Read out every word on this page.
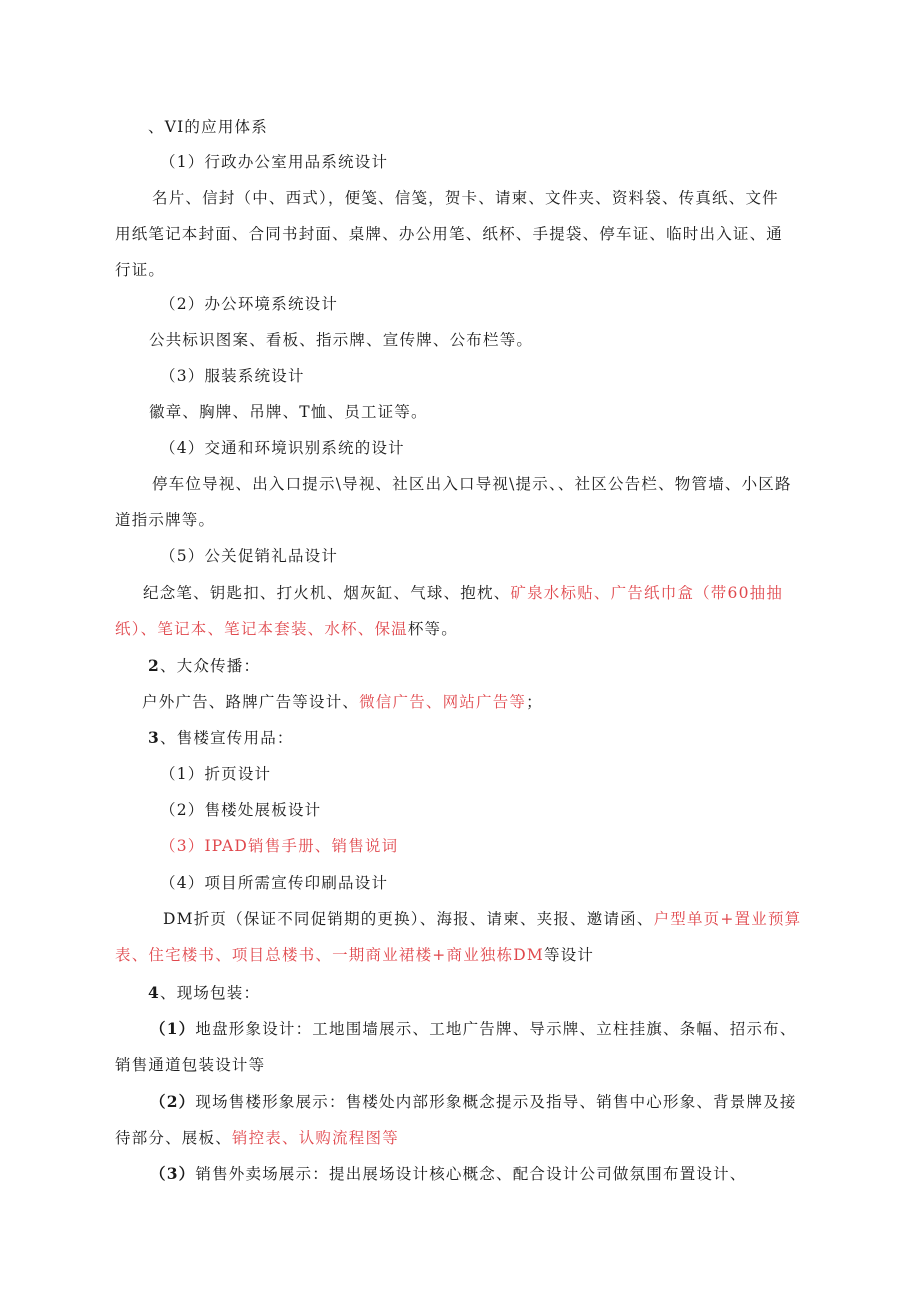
、VI的应用体系
（1）行政办公室用品系统设计
名片、信封（中、西式），便笺、信笺，贺卡、请柬、文件夹、资料袋、传真纸、文件
用纸笔记本封面、合同书封面、桌牌、办公用笔、纸杯、手提袋、停车证、临时出入证、通
行证。
（2）办公环境系统设计
公共标识图案、看板、指示牌、宣传牌、公布栏等。
（3）服装系统设计
徽章、胸牌、吊牌、T恤、员工证等。
（4）交通和环境识别系统的设计
停车位导视、出入口提示\导视、社区出入口导视\提示、、社区公告栏、物管墙、小区路
道指示牌等。
（5）公关促销礼品设计
纪念笔、钥匙扣、打火机、烟灰缸、气球、抱枕、矿泉水标贴、广告纸巾盒（带60抽抽
纸）、笔记本、笔记本套装、水杯、保温杯等。
2、大众传播：
户外广告、路牌广告等设计、微信广告、网站广告等；
3、售楼宣传用品：
（1）折页设计
（2）售楼处展板设计
（3）IPAD销售手册、销售说词
（4）项目所需宣传印刷品设计
DM折页（保证不同促销期的更换）、海报、请柬、夹报、邀请函、户型单页+置业预算
表、住宅楼书、项目总楼书、一期商业裙楼+商业独栋DM等设计
4、现场包装：
（1）地盘形象设计：工地围墙展示、工地广告牌、导示牌、立柱挂旗、条幅、招示布、
销售通道包装设计等
（2）现场售楼形象展示：售楼处内部形象概念提示及指导、销售中心形象、背景牌及接
待部分、展板、销控表、认购流程图等
（3）销售外卖场展示：提出展场设计核心概念、配合设计公司做氛围布置设计、
